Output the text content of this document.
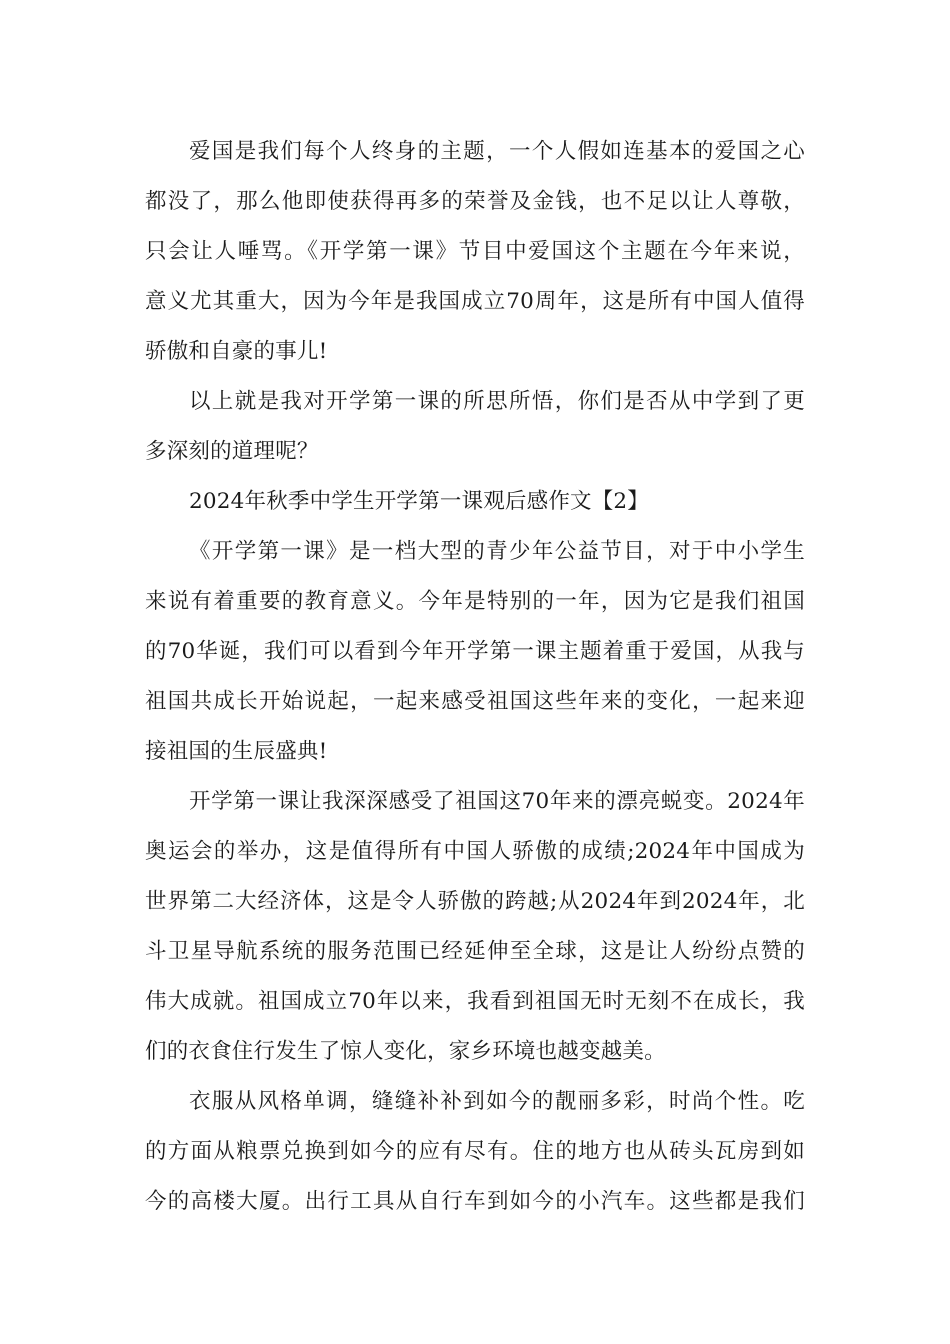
爱国是我们每个人终身的主题，一个人假如连基本的爱国之心
都没了，那么他即使获得再多的荣誉及金钱，也不足以让人尊敬，
只会让人唾骂。《开学第一课》节目中爱国这个主题在今年来说，
意义尤其重大，因为今年是我国成立70周年，这是所有中国人值得
骄傲和自豪的事儿!
以上就是我对开学第一课的所思所悟，你们是否从中学到了更
多深刻的道理呢？
2024年秋季中学生开学第一课观后感作文【2】
《开学第一课》是一档大型的青少年公益节目，对于中小学生
来说有着重要的教育意义。今年是特别的一年，因为它是我们祖国
的70华诞，我们可以看到今年开学第一课主题着重于爱国，从我与
祖国共成长开始说起，一起来感受祖国这些年来的变化，一起来迎
接祖国的生辰盛典!
开学第一课让我深深感受了祖国这70年来的漂亮蜕变。2024年
奥运会的举办，这是值得所有中国人骄傲的成绩;2024年中国成为
世界第二大经济体，这是令人骄傲的跨越;从2024年到2024年，北
斗卫星导航系统的服务范围已经延伸至全球，这是让人纷纷点赞的
伟大成就。祖国成立70年以来，我看到祖国无时无刻不在成长，我
们的衣食住行发生了惊人变化，家乡环境也越变越美。
衣服从风格单调，缝缝补补到如今的靓丽多彩，时尚个性。吃
的方面从粮票兑换到如今的应有尽有。住的地方也从砖头瓦房到如
今的高楼大厦。出行工具从自行车到如今的小汽车。这些都是我们
